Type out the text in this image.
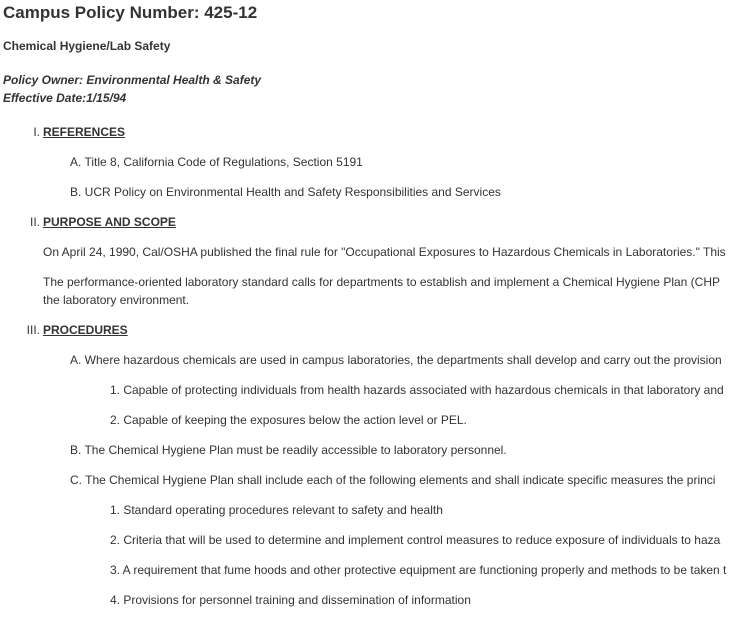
Campus Policy Number: 425-12
Chemical Hygiene/Lab Safety
Policy Owner: Environmental Health & Safety
Effective Date:1/15/94
I. REFERENCES
A. Title 8, California Code of Regulations, Section 5191
B. UCR Policy on Environmental Health and Safety Responsibilities and Services
II. PURPOSE AND SCOPE
On April 24, 1990, Cal/OSHA published the final rule for "Occupational Exposures to Hazardous Chemicals in Laboratories." This
The performance-oriented laboratory standard calls for departments to establish and implement a Chemical Hygiene Plan (CHP
the laboratory environment.
III. PROCEDURES
A. Where hazardous chemicals are used in campus laboratories, the departments shall develop and carry out the provision
1. Capable of protecting individuals from health hazards associated with hazardous chemicals in that laboratory and
2. Capable of keeping the exposures below the action level or PEL.
B. The Chemical Hygiene Plan must be readily accessible to laboratory personnel.
C. The Chemical Hygiene Plan shall include each of the following elements and shall indicate specific measures the princi
1. Standard operating procedures relevant to safety and health
2. Criteria that will be used to determine and implement control measures to reduce exposure of individuals to haza
3. A requirement that fume hoods and other protective equipment are functioning properly and methods to be taken t
4. Provisions for personnel training and dissemination of information
